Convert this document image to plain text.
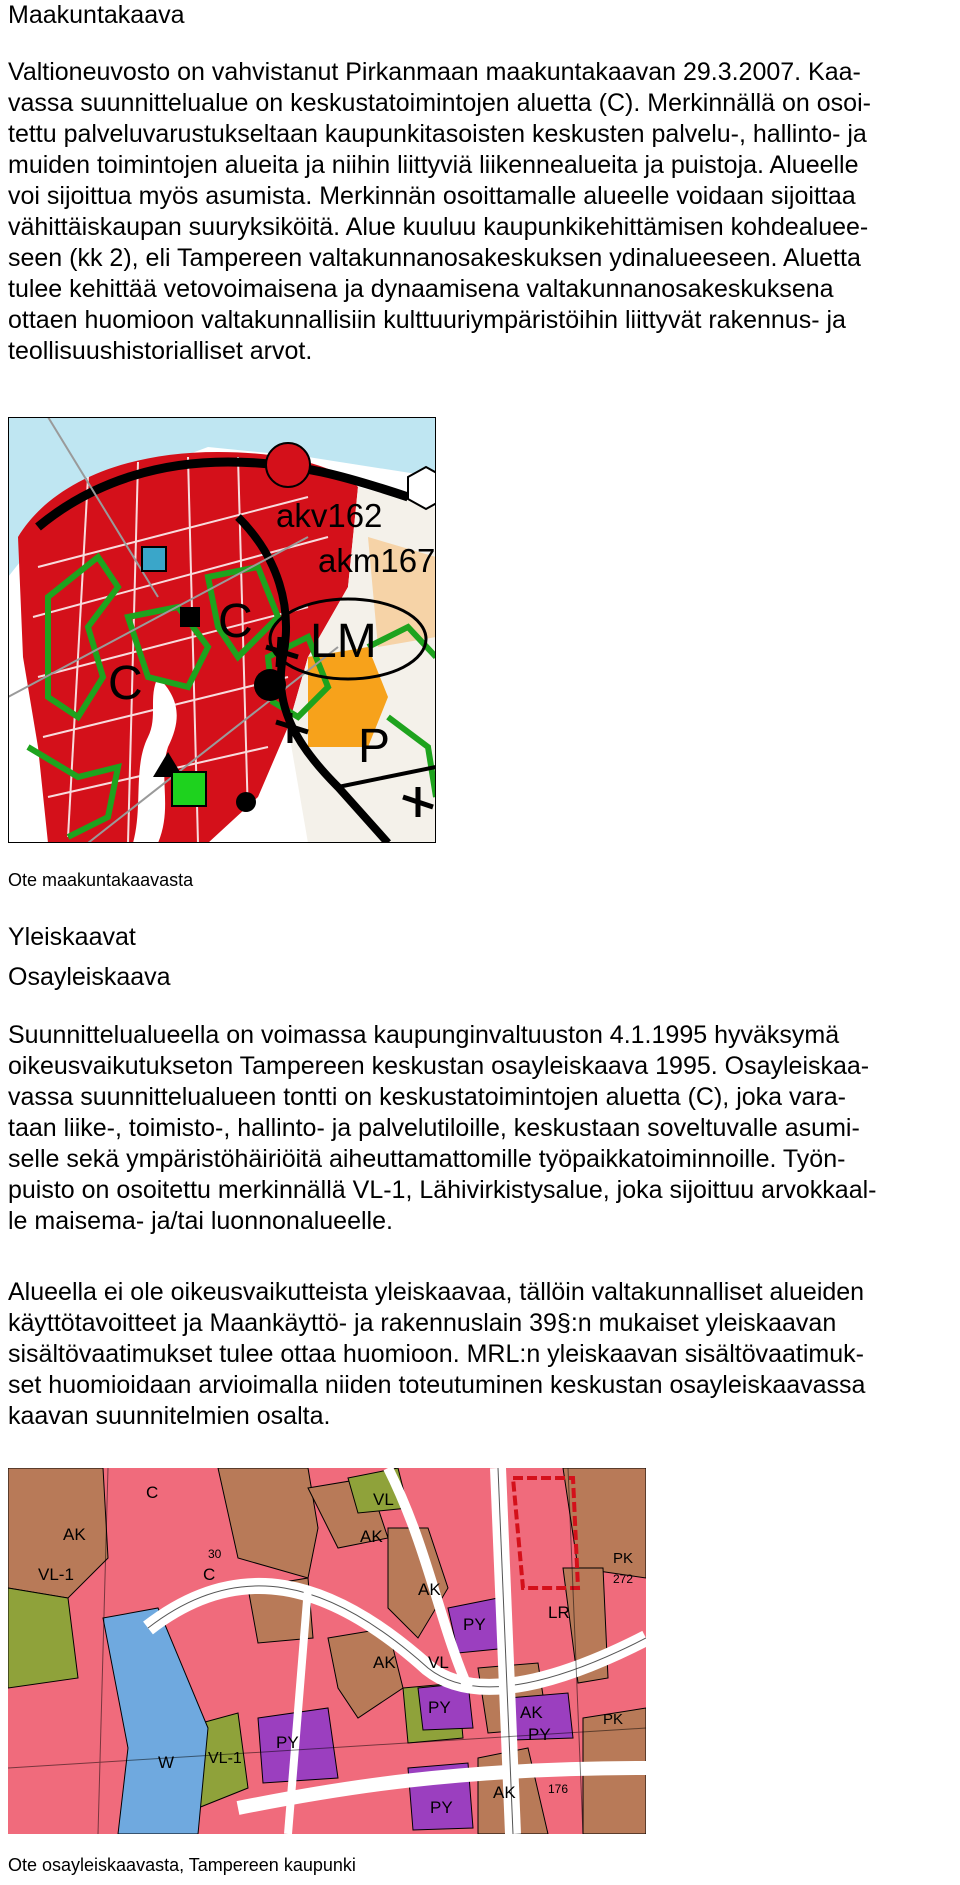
Maakuntakaava

Valtioneuvosto on vahvistanut Pirkanmaan maakuntakaavan 29.3.2007. Kaa-
vassa suunnittelualue on keskustatoimintojen aluetta (C). Merkinnällä on osoi-
tettu palveluvarustukseltaan kaupunkitasoisten keskusten palvelu-, hallinto- ja
muiden toimintojen alueita ja niihin liittyviä liikennealueita ja puistoja. Alueelle
voi sijoittua myös asumista. Merkinnän osoittamalle alueelle voidaan sijoittaa
vähittäiskaupan suuryksiköitä. Alue kuuluu kaupunkikehittämisen kohdealuee-
seen (kk 2), eli Tampereen valtakunnanosakeskuksen ydinalueeseen. Aluetta
tulee kehittää vetovoimaisena ja dynaamisena valtakunnanosakeskuksena
ottaen huomioon valtakunnallisiin kulttuuriympäristöihin liittyvät rakennus- ja
teollisuushistorialliset arvot.

akv162
akm167
C
C
LM
P

Ote maakuntakaavasta

Yleiskaavat
Osayleiskaava

Suunnittelualueella on voimassa kaupunginvaltuuston 4.1.1995 hyväksymä
oikeusvaikutukseton Tampereen keskustan osayleiskaava 1995. Osayleiskaa-
vassa suunnittelualueen tontti on keskustatoimintojen aluetta (C), joka vara-
taan liike-, toimisto-, hallinto- ja palvelutiloille, keskustaan soveltuvalle asumi-
selle sekä ympäristöhäiriöitä aiheuttamattomille työpaikkatoiminnoille. Työn-
puisto on osoitettu merkinnällä VL-1, Lähivirkistysalue, joka sijoittuu arvokkaal-
le maisema- ja/tai luonnonalueelle.

Alueella ei ole oikeusvaikutteista yleiskaavaa, tällöin valtakunnalliset alueiden
käyttötavoitteet ja Maankäyttö- ja rakennuslain 39§:n mukaiset yleiskaavan
sisältövaatimukset tulee ottaa huomioon. MRL:n yleiskaavan sisältövaatimuk-
set huomioidaan arvioimalla niiden toteutuminen keskustan osayleiskaavassa
kaavan suunnitelmien osalta.

C	VL
AK	AK
VL-1	C
PK
272
PY
LR
AK
AK VL
PY	AK
PY
PK
PY
VL-1
W
PY
AK	176
30

Ote osayleiskaavasta, Tampereen kaupunki
